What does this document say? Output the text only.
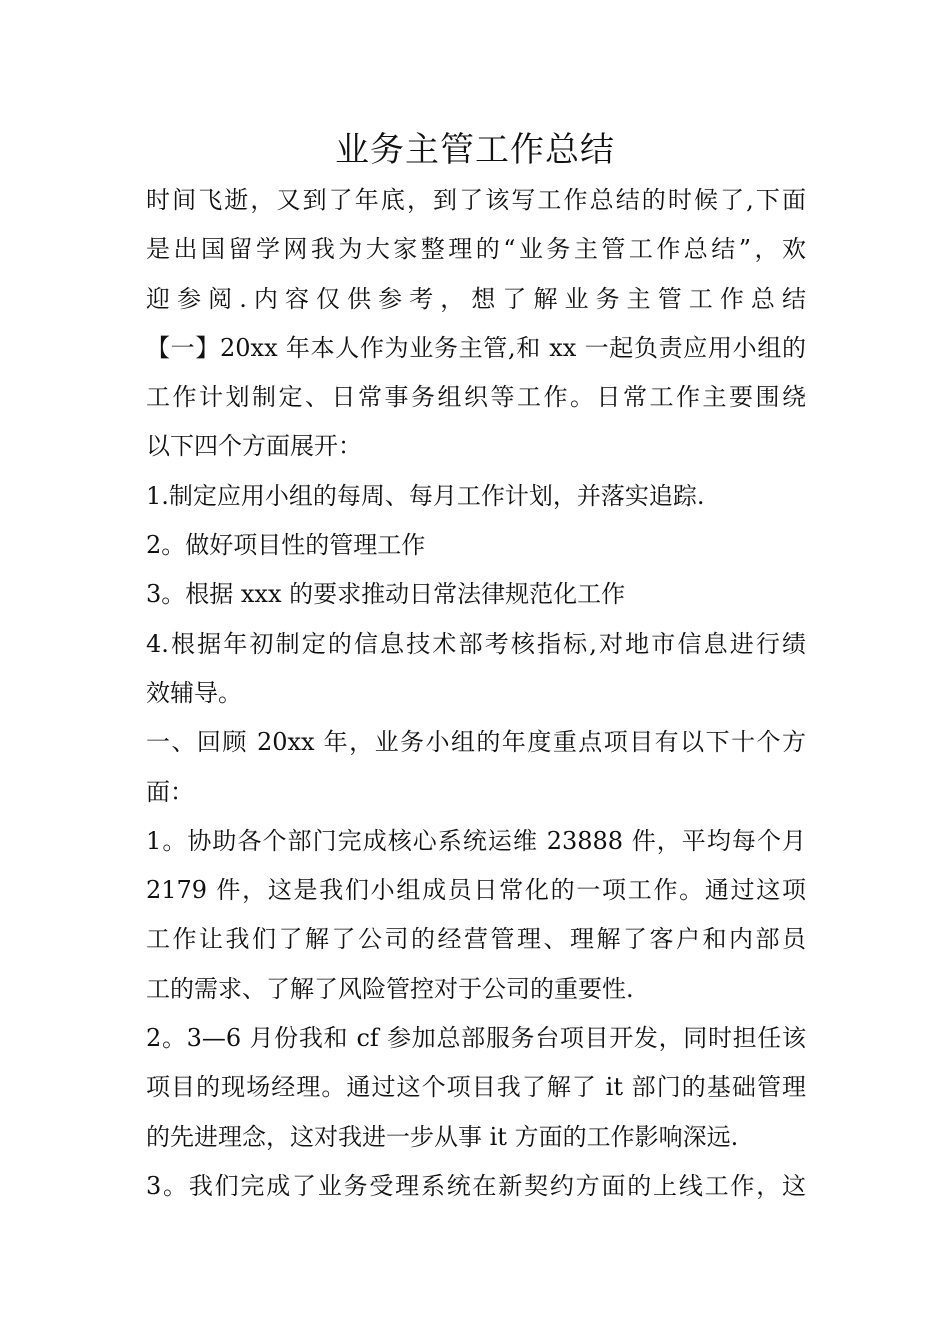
业务主管工作总结
时间飞逝，又到了年底，到了该写工作总结的时候了,下面
是出国留学网我为大家整理的“业务主管工作总结”，欢
迎参阅.内容仅供参考，想了解业务主管工作总结
【一】20xx 年本人作为业务主管,和 xx 一起负责应用小组的
工作计划制定、日常事务组织等工作。日常工作主要围绕
以下四个方面展开：
1.制定应用小组的每周、每月工作计划，并落实追踪.
2。做好项目性的管理工作
3。根据 xxx 的要求推动日常法律规范化工作
4.根据年初制定的信息技术部考核指标,对地市信息进行绩
效辅导。
一、回顾 20xx 年，业务小组的年度重点项目有以下十个方
面：
1。协助各个部门完成核心系统运维 23888 件，平均每个月
2179 件，这是我们小组成员日常化的一项工作。通过这项
工作让我们了解了公司的经营管理、理解了客户和内部员
工的需求、了解了风险管控对于公司的重要性.
2。3—6 月份我和 cf 参加总部服务台项目开发，同时担任该
项目的现场经理。通过这个项目我了解了 it 部门的基础管理
的先进理念，这对我进一步从事 it 方面的工作影响深远.
3。我们完成了业务受理系统在新契约方面的上线工作，这
